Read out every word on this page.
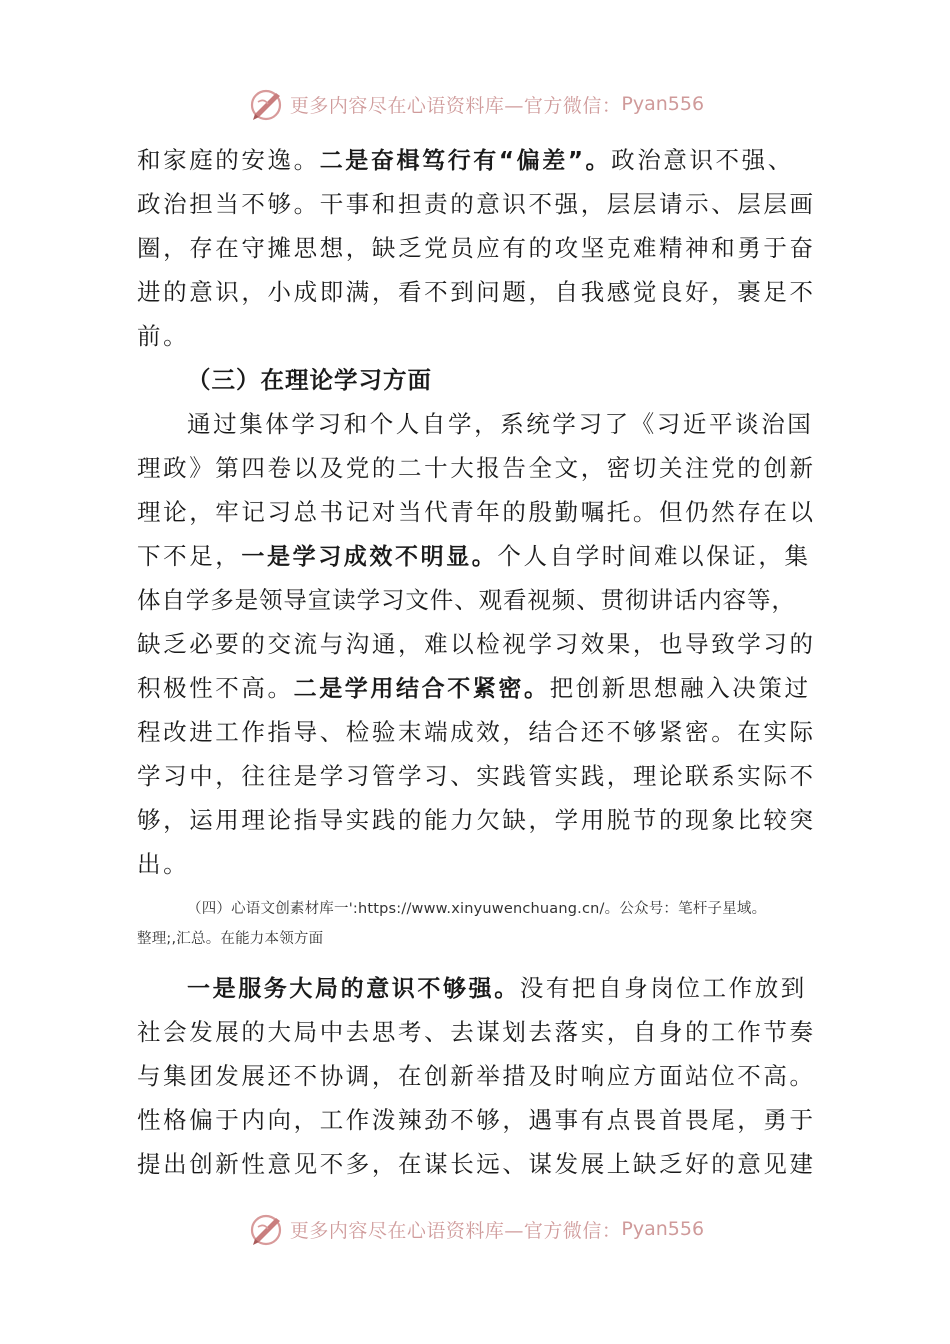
更多内容尽在心语资料库—官方微信： Pyan556
和家庭的安逸。二是奋楫笃行有“偏差”。政治意识不强、
政治担当不够。干事和担责的意识不强，层层请示、层层画
圈，存在守摊思想，缺乏党员应有的攻坚克难精神和勇于奋
进的意识，小成即满，看不到问题，自我感觉良好，裹足不
前。
（三）在理论学习方面
通过集体学习和个人自学，系统学习了《习近平谈治国
理政》第四卷以及党的二十大报告全文，密切关注党的创新
理论，牢记习总书记对当代青年的殷勤嘱托。但仍然存在以
下不足，一是学习成效不明显。个人自学时间难以保证，集
体自学多是领导宣读学习文件、观看视频、贯彻讲话内容等，
缺乏必要的交流与沟通，难以检视学习效果，也导致学习的
积极性不高。二是学用结合不紧密。把创新思想融入决策过
程改进工作指导、检验末端成效，结合还不够紧密。在实际
学习中，往往是学习管学习、实践管实践，理论联系实际不
够，运用理论指导实践的能力欠缺，学用脱节的现象比较突
出。
（四）心语文创素材库一':https://www.xinyuwenchuang.cn/。公众号：笔杆子星域。
整理;,汇总。在能力本领方面
一是服务大局的意识不够强。没有把自身岗位工作放到
社会发展的大局中去思考、去谋划去落实，自身的工作节奏
与集团发展还不协调，在创新举措及时响应方面站位不高。
性格偏于内向，工作泼辣劲不够，遇事有点畏首畏尾，勇于
提出创新性意见不多，在谋长远、谋发展上缺乏好的意见建
更多内容尽在心语资料库—官方微信： Pyan556
